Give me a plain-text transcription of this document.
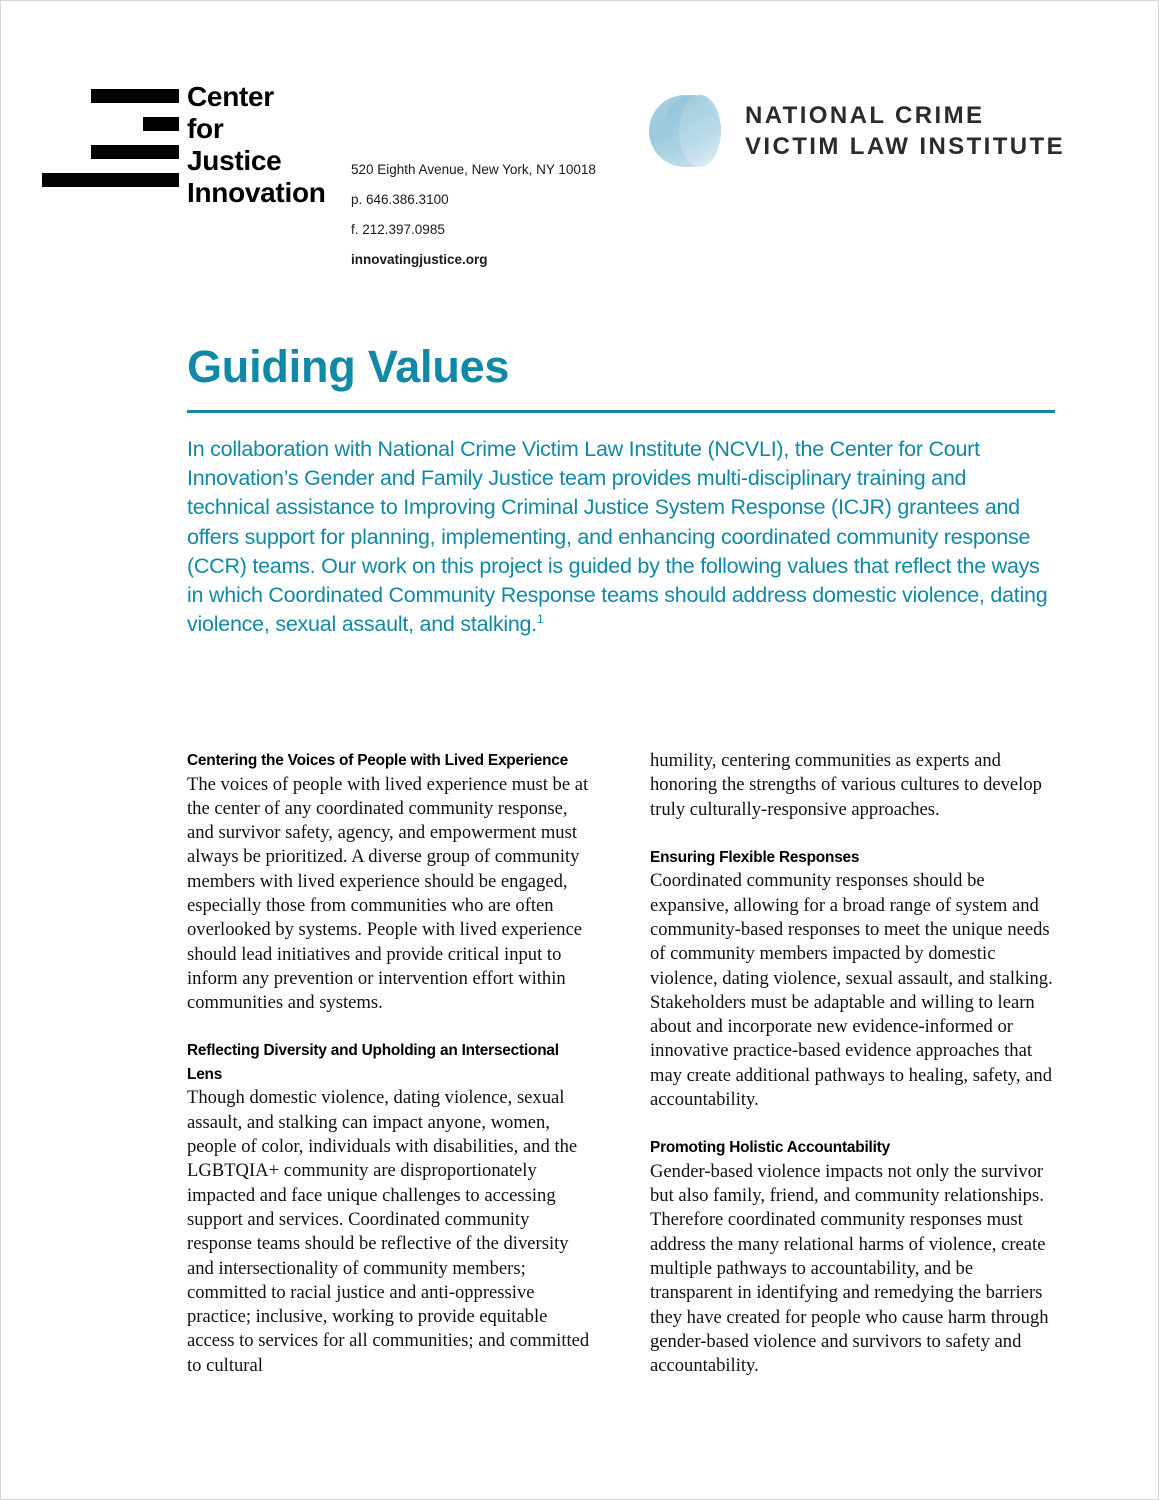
Center
for
Justice
Innovation
520 Eighth Avenue, New York, NY 10018
p. 646.386.3100
f. 212.397.0985
innovatingjustice.org
NATIONAL CRIME
VICTIM LAW INSTITUTE
Guiding Values
In collaboration with National Crime Victim Law Institute (NCVLI), the Center for Court Innovation’s Gender and Family Justice team provides multi-disciplinary training and technical assistance to Improving Criminal Justice System Response (ICJR) grantees and offers support for planning, implementing, and enhancing coordinated community response (CCR) teams. Our work on this project is guided by the following values that reflect the ways in which Coordinated Community Response teams should address domestic violence, dating violence, sexual assault, and stalking.$^1$
Centering the Voices of People with Lived Experience

The voices of people with lived experience must be at the center of any coordinated community response, and survivor safety, agency, and empowerment must always be prioritized. A diverse group of community members with lived experience should be engaged, especially those from communities who are often overlooked by systems. People with lived experience should lead initiatives and provide critical input to inform any prevention or intervention effort within communities and systems.

Reflecting Diversity and Upholding an Intersectional Lens

Though domestic violence, dating violence, sexual assault, and stalking can impact anyone, women, people of color, individuals with disabilities, and the LGBTQIA+ community are disproportionately impacted and face unique challenges to accessing support and services. Coordinated community response teams should be reflective of the diversity and intersectionality of community members; committed to racial justice and anti-oppressive practice; inclusive, working to provide equitable access to services for all communities; and committed to cultural

humility, centering communities as experts and honoring the strengths of various cultures to develop truly culturally-responsive approaches.

Ensuring Flexible Responses

Coordinated community responses should be expansive, allowing for a broad range of system and community-based responses to meet the unique needs of community members impacted by domestic violence, dating violence, sexual assault, and stalking. Stakeholders must be adaptable and willing to learn about and incorporate new evidence-informed or innovative practice-based evidence approaches that may create additional pathways to healing, safety, and accountability.

Promoting Holistic Accountability

Gender-based violence impacts not only the survivor but also family, friend, and community relationships. Therefore coordinated community responses must address the many relational harms of violence, create multiple pathways to accountability, and be transparent in identifying and remedying the barriers they have created for people who cause harm through gender-based violence and survivors to safety and accountability.
